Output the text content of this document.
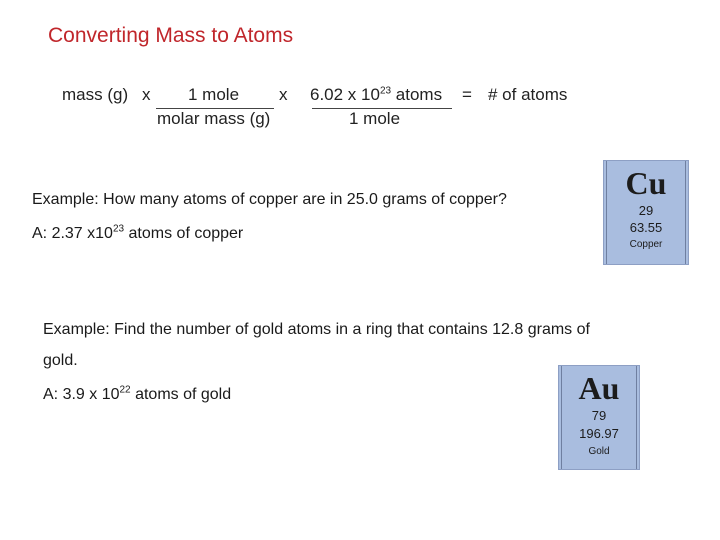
Converting Mass to Atoms
mass (g) x 1 mole
molar mass (g)
x 6.02 x $10^{23}$ atoms
1 mole
= # of atoms
Example: How many atoms of copper are in 25.0 grams of copper?
A: 2.37 $x10^{23}$ atoms of copper
Cu
29
63.55
Copper
Example: Find the number of gold atoms in a ring that contains 12.8 grams of
gold.
A: 3.9 x $10^{22}$ atoms of gold	Au
79
196.97
Gold
